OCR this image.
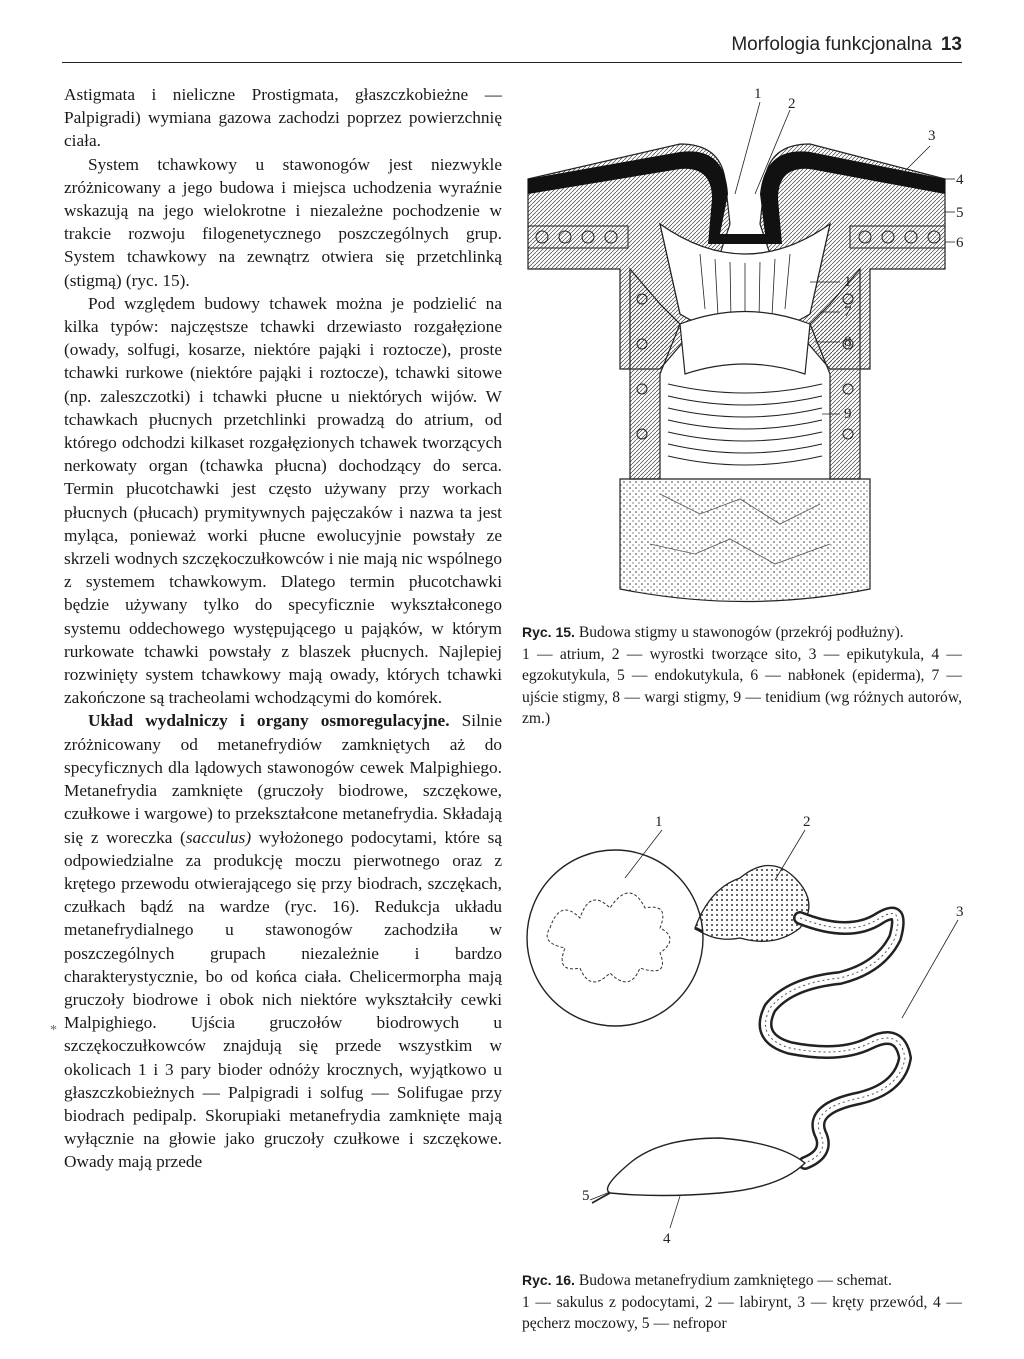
Morfologia funkcjonalna 13
*

Astigmata i nieliczne Prostigmata, głaszczkobieżne — Palpigradi) wymiana gazowa zachodzi poprzez powierzchnię ciała.

System tchawkowy u stawonogów jest niezwykle zróżnicowany a jego budowa i miejsca uchodzenia wyraźnie wskazują na jego wielokrotne i niezależne pochodzenie w trakcie rozwoju filogenetycznego poszczególnych grup. System tchawkowy na zewnątrz otwiera się przetchlinką (stigmą) (ryc. 15).

Pod względem budowy tchawek można je podzielić na kilka typów: najczęstsze tchawki drzewiasto rozgałęzione (owady, solfugi, kosarze, niektóre pająki i roztocze), proste tchawki rurkowe (niektóre pająki i roztocze), tchawki sitowe (np. zaleszczotki) i tchawki płucne u niektórych wijów. W tchawkach płucnych przetchlinki prowadzą do atrium, od którego odchodzi kilkaset rozgałęzionych tchawek tworzących nerkowaty organ (tchawka płucna) dochodzący do serca. Termin płucotchawki jest często używany przy workach płucnych (płucach) prymitywnych pajęczaków i nazwa ta jest myląca, ponieważ worki płucne ewolucyjnie powstały ze skrzeli wodnych szczękoczułkowców i nie mają nic wspólnego z systemem tchawkowym. Dlatego termin płucotchawki będzie używany tylko do specyficznie wykształconego systemu oddechowego występującego u pająków, w którym rurkowate tchawki powstały z blaszek płucnych. Najlepiej rozwinięty system tchawkowy mają owady, których tchawki zakończone są tracheolami wchodzącymi do komórek.

Układ wydalniczy i organy osmoregulacyjne. Silnie zróżnicowany od metanefrydiów zamkniętych aż do specyficznych dla lądowych stawonogów cewek Malpighiego. Metanefrydia zamknięte (gruczoły biodrowe, szczękowe, czułkowe i wargowe) to przekształcone metanefrydia. Składają się z woreczka (sacculus) wyłożonego podocytami, które są odpowiedzialne za produkcję moczu pierwotnego oraz z krętego przewodu otwierającego się przy biodrach, szczękach, czułkach bądź na wardze (ryc. 16). Redukcja układu metanefrydialnego u stawonogów zachodziła w poszczególnych grupach niezależnie i bardzo charakterystycznie, bo od końca ciała. Chelicermorpha mają gruczoły biodrowe i obok nich niektóre wykształciły cewki Malpighiego. Ujścia gruczołów biodrowych u szczękoczułkowców znajdują się przede wszystkim w okolicach 1 i 3 pary bioder odnóży krocznych, wyjątkowo u głaszczkobieżnych — Palpigradi i solfug — Solifugae przy biodrach pedipalp. Skorupiaki metanefrydia zamknięte mają wyłącznie na głowie jako gruczoły czułkowe i szczękowe. Owady mają przede

1
2
3
4
5
6
1
7
8
9
Ryc. 15. Budowa stigmy u stawonogów (przekrój podłużny).
1 — atrium, 2 — wyrostki tworzące sito, 3 — epikutykula, 4 — egzokutykula, 5 — endokutykula, 6 — nabłonek (epiderma), 7 — ujście stigmy, 8 — wargi stigmy, 9 — tenidium (wg różnych autorów, zm.)
1	2
3
4
5
Ryc. 16. Budowa metanefrydium zamkniętego — schemat.
1 — sakulus z podocytami, 2 — labirynt, 3 — kręty przewód, 4 — pęcherz moczowy, 5 — nefropor
